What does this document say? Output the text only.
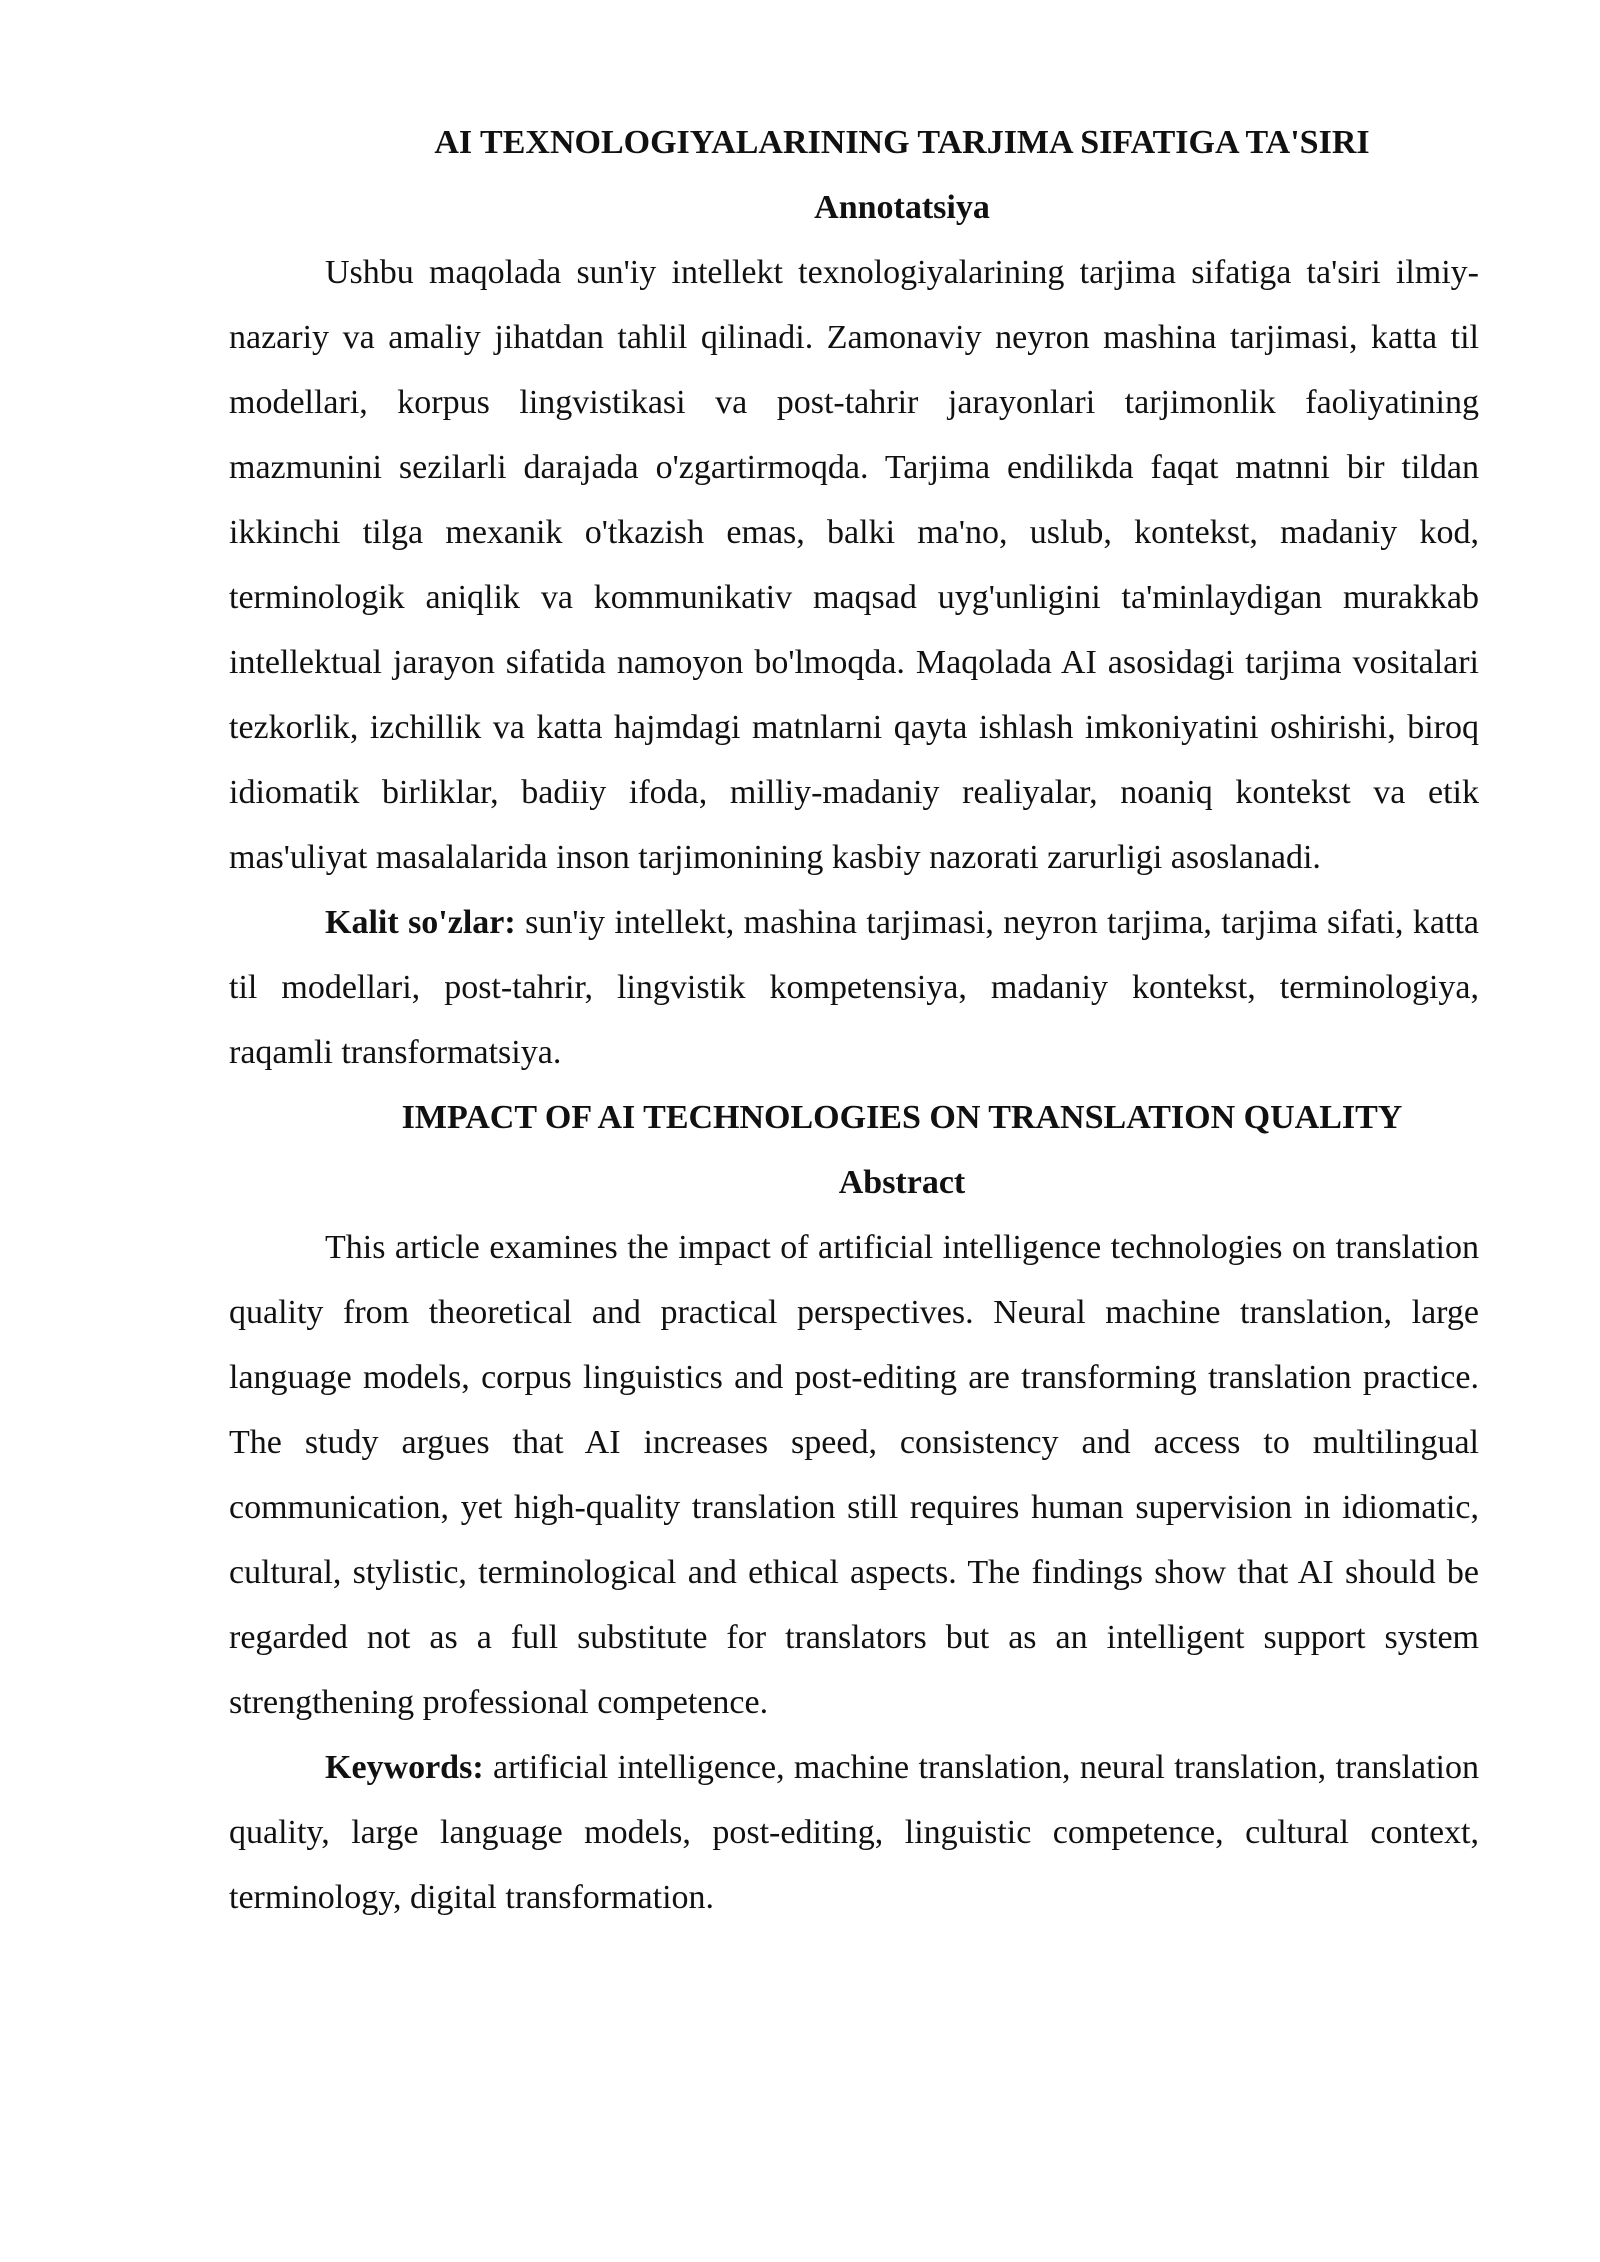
AI TEXNOLOGIYALARINING TARJIMA SIFATIGA TA'SIRI

Annotatsiya

Ushbu maqolada sun'iy intellekt texnologiyalarining tarjima sifatiga ta'siri ilmiy-nazariy va amaliy jihatdan tahlil qilinadi. Zamonaviy neyron mashina tarjimasi, katta til modellari, korpus lingvistikasi va post-tahrir jarayonlari tarjimonlik faoliyatining mazmunini sezilarli darajada o'zgartirmoqda. Tarjima endilikda faqat matnni bir tildan ikkinchi tilga mexanik o'tkazish emas, balki ma'no, uslub, kontekst, madaniy kod, terminologik aniqlik va kommunikativ maqsad uyg'unligini ta'minlaydigan murakkab intellektual jarayon sifatida namoyon bo'lmoqda. Maqolada AI asosidagi tarjima vositalari tezkorlik, izchillik va katta hajmdagi matnlarni qayta ishlash imkoniyatini oshirishi, biroq idiomatik birliklar, badiiy ifoda, milliy-madaniy realiyalar, noaniq kontekst va etik mas'uliyat masalalarida inson tarjimonining kasbiy nazorati zarurligi asoslanadi.

Kalit so'zlar: sun'iy intellekt, mashina tarjimasi, neyron tarjima, tarjima sifati, katta til modellari, post-tahrir, lingvistik kompetensiya, madaniy kontekst, terminologiya, raqamli transformatsiya.

IMPACT OF AI TECHNOLOGIES ON TRANSLATION QUALITY

Abstract

This article examines the impact of artificial intelligence technologies on translation quality from theoretical and practical perspectives. Neural machine translation, large language models, corpus linguistics and post-editing are transforming translation practice. The study argues that AI increases speed, consistency and access to multilingual communication, yet high-quality translation still requires human supervision in idiomatic, cultural, stylistic, terminological and ethical aspects. The findings show that AI should be regarded not as a full substitute for translators but as an intelligent support system strengthening professional competence.

Keywords: artificial intelligence, machine translation, neural translation, translation quality, large language models, post-editing, linguistic competence, cultural context, terminology, digital transformation.
